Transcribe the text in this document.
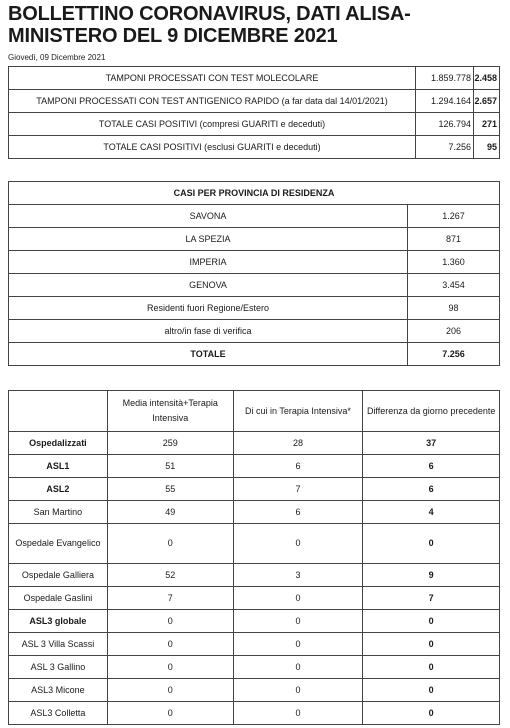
BOLLETTINO CORONAVIRUS, DATI ALISA-MINISTERO DEL 9 DICEMBRE 2021
Giovedì, 09 Dicembre 2021
TAMPONI PROCESSATI CON TEST MOLECOLARE	1.859.778	2.458
TAMPONI PROCESSATI CON TEST ANTIGENICO RAPIDO (a far data dal 14/01/2021)	1.294.164	2.657
TOTALE CASI POSITIVI (compresi GUARITI e deceduti)	126.794	271
TOTALE CASI POSITIVI (esclusi GUARITI e deceduti)	7.256	95
CASI PER PROVINCIA DI RESIDENZA	
SAVONA	1.267
LA SPEZIA	871
IMPERIA	1.360
GENOVA	3.454
Residenti fuori Regione/Estero	98
altro/in fase di verifica	206
TOTALE	7.256
	Media intensità+Terapia Intensiva	Di cui in Terapia Intensiva*	Differenza da giorno precedente
Ospedalizzati	259	28	37
ASL1	51	6	6
ASL2	55	7	6
San Martino	49	6	4
Ospedale Evangelico	0	0	0
Ospedale Galliera	52	3	9
Ospedale Gaslini	7	0	7
ASL3 globale	0	0	0
ASL 3 Villa Scassi	0	0	0
ASL 3 Gallino	0	0	0
ASL3 Micone	0	0	0
ASL3 Colletta	0	0	0
